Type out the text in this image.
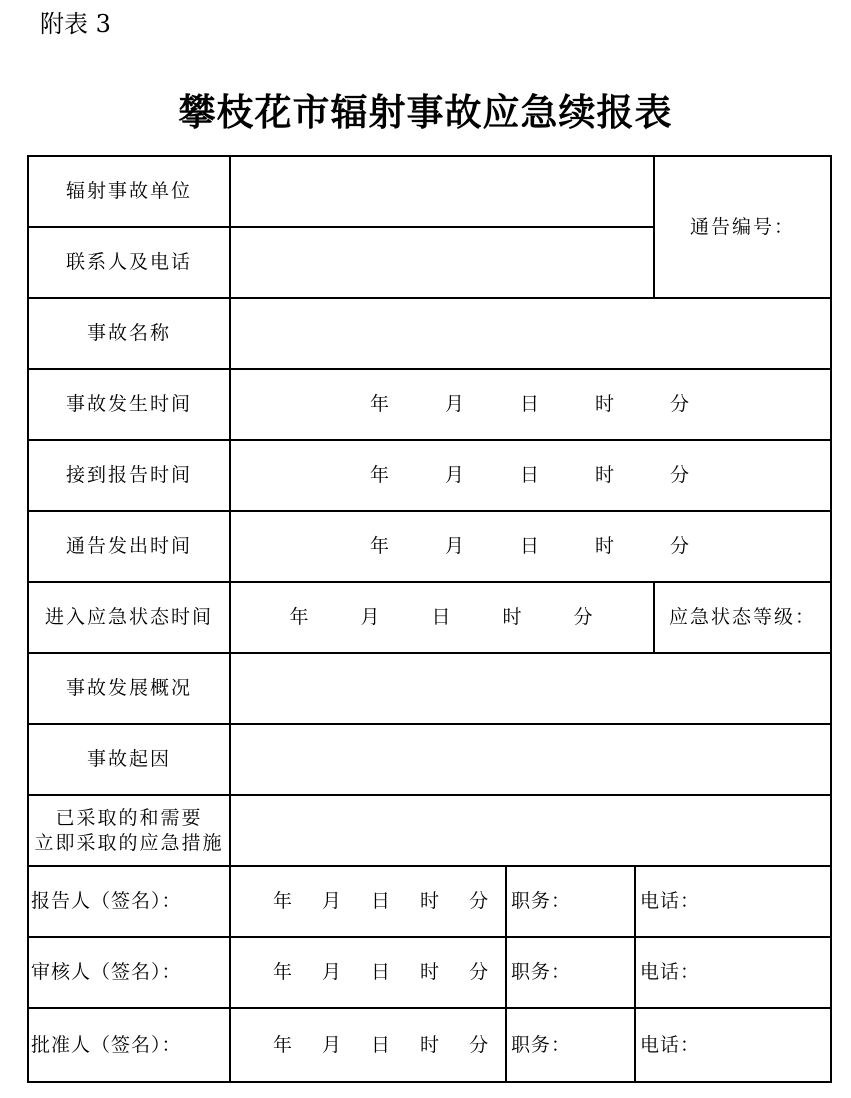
附表 3
攀枝花市辐射事故应急续报表
辐射事故单位				通告编号：
联系人及电话				
事故名称				
事故发生时间	年 月 日 时 分			
接到报告时间	年 月 日 时 分			
通告发出时间	年 月 日 时 分			
进入应急状态时间	年 月 日 时 分			应急状态等级：
事故发展概况				
事故起因				

已采取的和需要
立即采取的应急措施				

报告人（签名）：	年 月 日 时 分	职务：	电话：	
审核人（签名）：	年 月 日 时 分	职务：	电话：	
批准人（签名）：	年 月 日 时 分	职务：	电话：	
